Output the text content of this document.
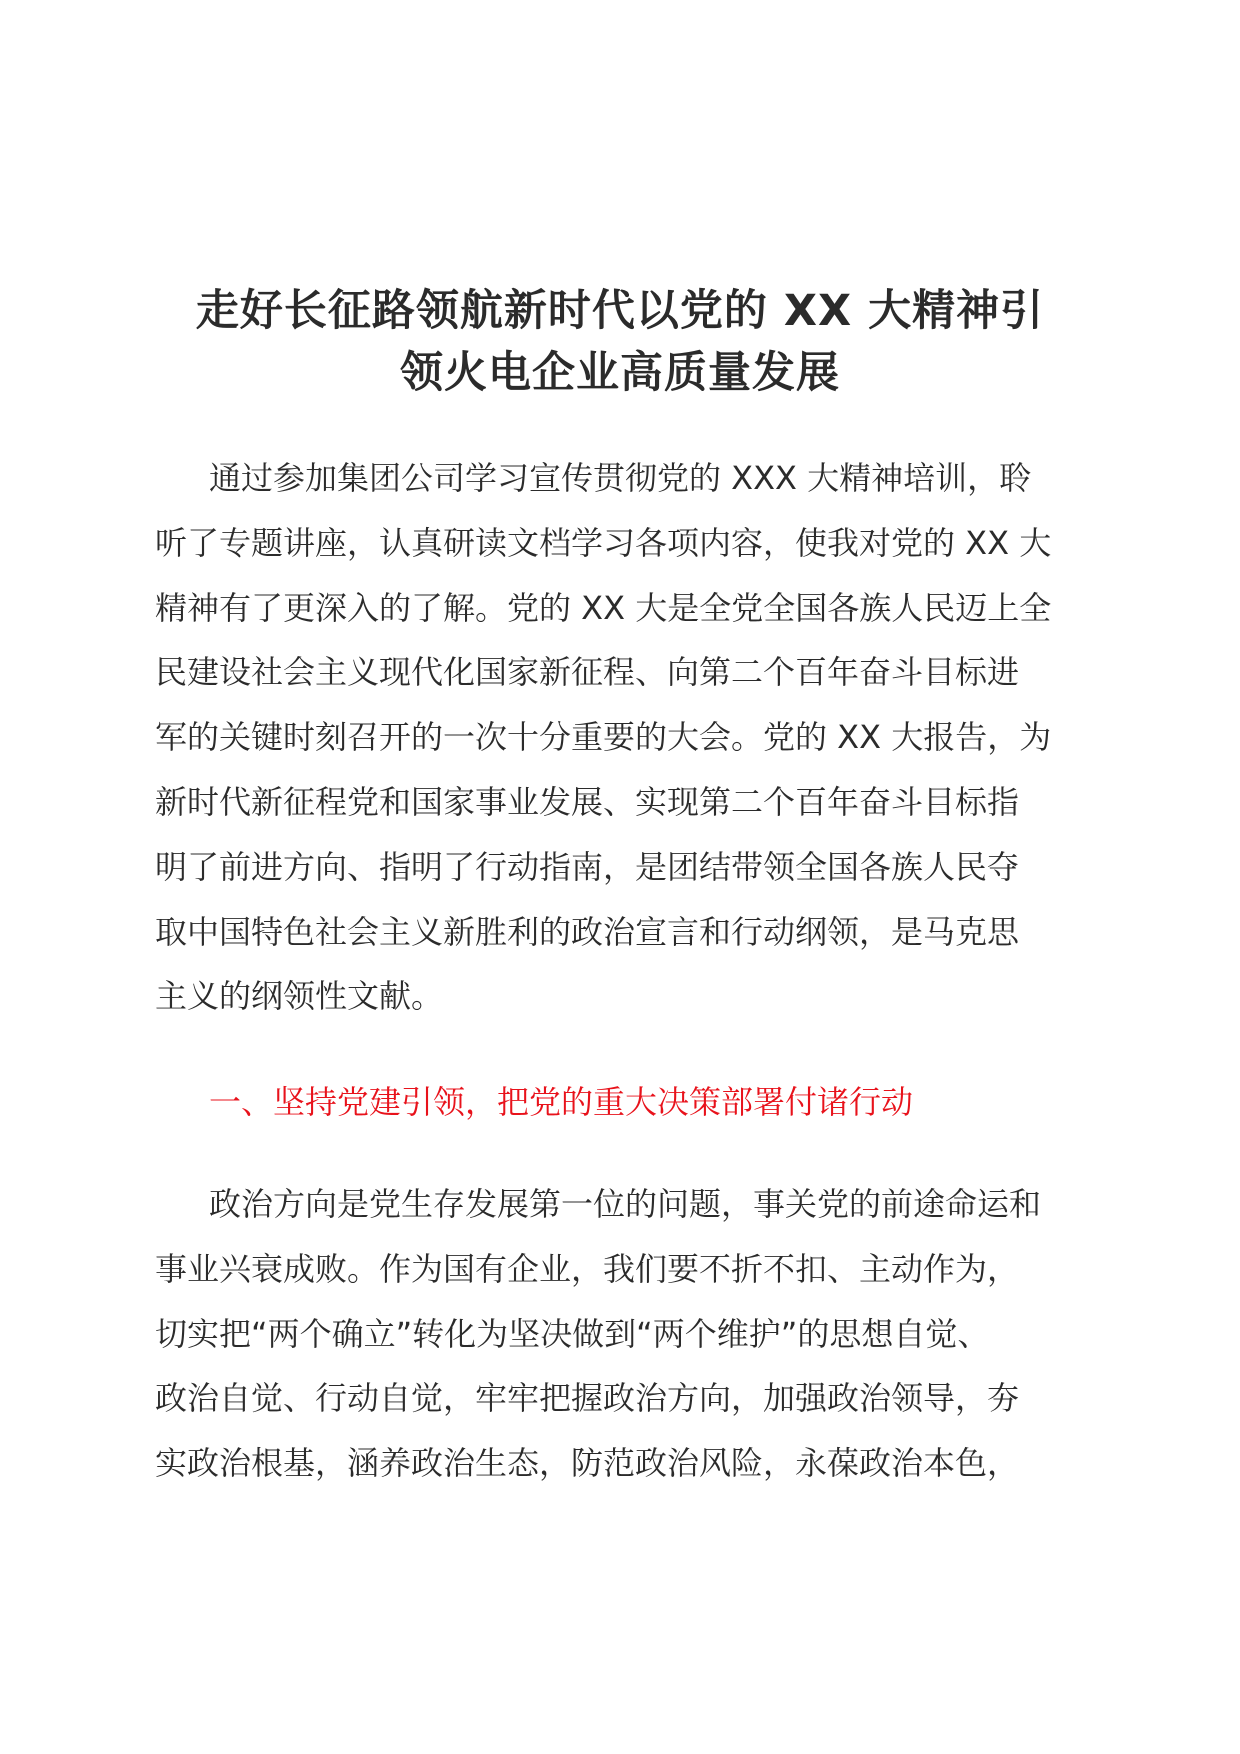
走好长征路领航新时代以党的 XX 大精神引
领火电企业高质量发展
通过参加集团公司学习宣传贯彻党的 XXX 大精神培训，聆
听了专题讲座，认真研读文档学习各项内容，使我对党的 XX 大
精神有了更深入的了解。党的 XX 大是全党全国各族人民迈上全
民建设社会主义现代化国家新征程、向第二个百年奋斗目标进
军的关键时刻召开的一次十分重要的大会。党的 XX 大报告，为
新时代新征程党和国家事业发展、实现第二个百年奋斗目标指
明了前进方向、指明了行动指南，是团结带领全国各族人民夺
取中国特色社会主义新胜利的政治宣言和行动纲领，是马克思
主义的纲领性文献。
一、坚持党建引领，把党的重大决策部署付诸行动
政治方向是党生存发展第一位的问题，事关党的前途命运和
事业兴衰成败。作为国有企业，我们要不折不扣、主动作为，
切实把“两个确立”转化为坚决做到“两个维护”的思想自觉、
政治自觉、行动自觉，牢牢把握政治方向，加强政治领导，夯
实政治根基，涵养政治生态，防范政治风险，永葆政治本色，
